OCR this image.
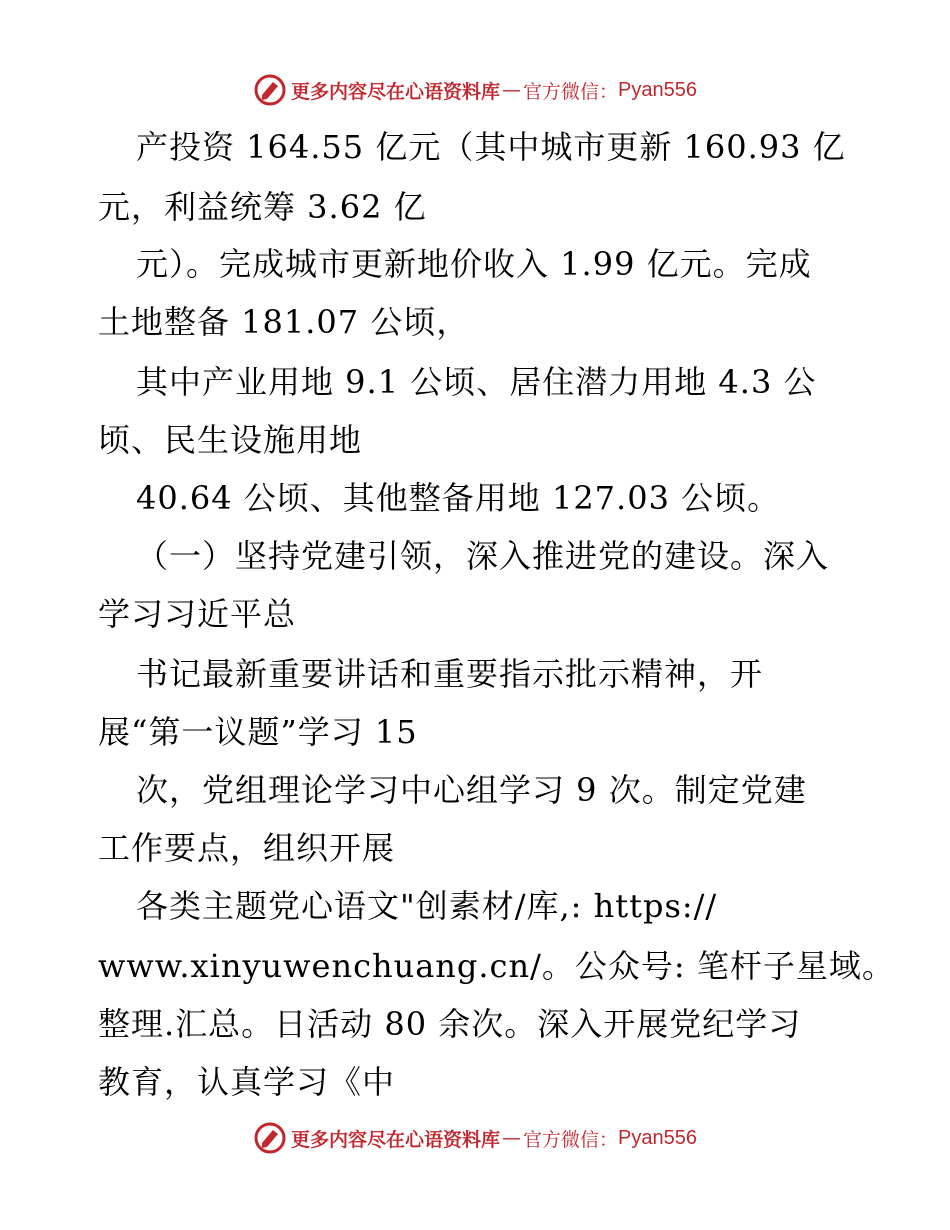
更多内容尽在心语资料库 — 官方微信： Pyan556
产投资 164.55 亿元（其中城市更新 160.93 亿
元，利益统筹 3.62 亿
元）。完成城市更新地价收入 1.99 亿元。完成
土地整备 181.07 公顷，
其中产业用地 9.1 公顷、居住潜力用地 4.3 公
顷、民生设施用地
40.64 公顷、其他整备用地 127.03 公顷。
（一）坚持党建引领，深入推进党的建设。深入
学习习近平总
书记最新重要讲话和重要指示批示精神，开
展“第一议题”学习 15
次，党组理论学习中心组学习 9 次。制定党建
工作要点，组织开展
各类主题党心语文"创素材/库,: https://
www.xinyuwenchuang.cn/。公众号: 笔杆子星域。
整理.汇总。日活动 80 余次。深入开展党纪学习
教育，认真学习《中
更多内容尽在心语资料库 — 官方微信： Pyan556
